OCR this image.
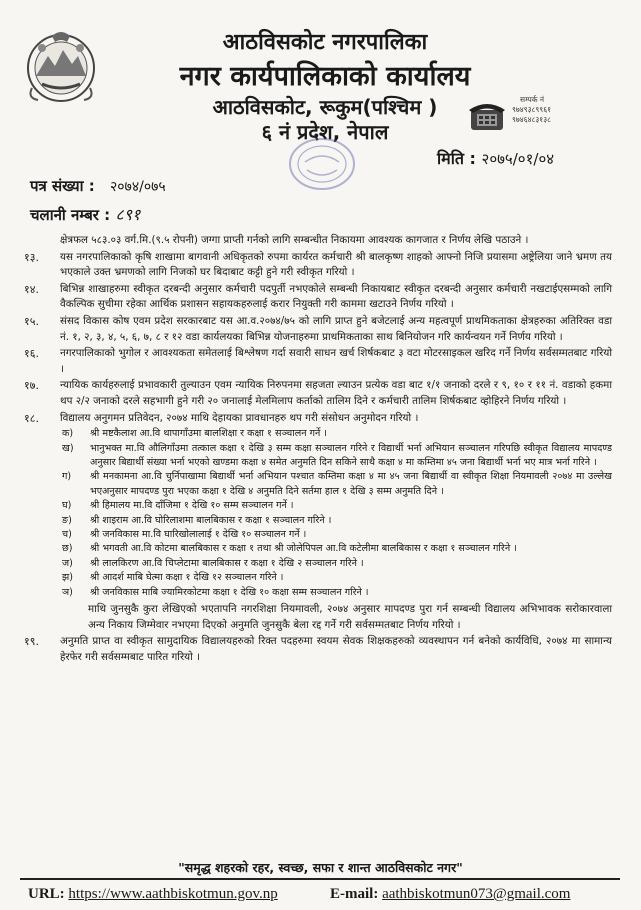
आठविसकोट नगरपालिका
नगर कार्यपालिकाको कार्यालय
आठविसकोट, रूकुम(पश्चिम )
६ नं प्रदेश, नेपाल
सम्पर्क नं
९७४९३८९९६१
९७४६४८३१३८
मिति : २०७५/०१/०४
पत्र संख्या : २०७४/०७५
चलानी नम्बर : ८९१

क्षेत्रफल ५८३.०३ वर्ग.मि.(९.५ रोपनी) जग्गा प्राप्ती गर्नको लागि सम्बन्धीत निकायमा आवश्यक कागजात र निर्णय लेखि पठाउने ।

१३. यस नगरपालिकाको कृषि शाखामा बागवानी अधिकृतको रुपमा कार्यरत कर्मचारी श्री बालकृष्ण शाहको आफ्नो निजि प्रयासमा अष्ट्रेलिया जाने भ्रमण तय भएकाले उक्त भ्रमणको लागि निजको घर बिदाबाट कट्टी हुने गरी स्वीकृत गरियो ।
१४. बिभिन्न शाखाहरुमा स्वीकृत दरबन्दी अनुसार कर्मचारी पदपुर्ती नभएकोले सम्बन्धी निकायबाट स्वीकृत दरबन्दी अनुसार कर्मचारी नखटाईएसम्मको लागि वैकल्पिक सुचीमा रहेका आर्थिक प्रशासन सहायकहरुलाई करार नियुक्ती गरी काममा खटाउने निर्णय गरियो ।
१५. संसद विकास कोष एवम प्रदेश सरकारबाट यस आ.व.२०७४/७५ को लागि प्राप्त हुने बजेटलाई अन्य महत्वपूर्ण प्राथमिकताका क्षेत्रहरुका अतिरिक्त वडा नं. १, २, ३, ४, ५, ६, ७, ८ र १२ वडा कार्यलयका बिभिन्न योजनाहरुमा प्राथमिकताका साथ बिनियोजन गरि कार्यन्वयन गर्ने निर्णय गरियो ।
१६. नगरपालिकाको भुगोल र आवश्यकता समेतलाई बिश्लेषण गर्दा सवारी साधन खर्च शिर्षकबाट ३ वटा मोटरसाइकल खरिद गर्ने निर्णय सर्वसम्मतबाट गरियो ।
१७. न्यायिक कार्यहरुलाई प्रभावकारी तुल्याउन एवम न्यायिक निरुपनमा सहजता ल्याउन प्रत्येक वडा बाट १/१ जनाको दरले र ९, १० र ११ नं. वडाको हकमा थप २/२ जनाको दरले सहभागी हुने गरी २० जनालाई मेलमिलाप कर्ताको तालिम दिने र कर्मचारी तालिम शिर्षकबाट व्होहिरने निर्णय गरियो ।
१८. विद्यालय अनुगमन प्रतिवेदन, २०७४ माथि देहायका प्रावधानहरु थप गरी संसोधन अनुमोदन गरियो ।
क) श्री मष्टकैलाश आ.वि थापागाँउमा बालशिक्षा र कक्षा १ सञ्चालन गर्ने ।
ख) भानुभक्त मा.वि औलिगाँउमा तत्काल कक्षा १ देखि ३ सम्म कक्षा सञ्चालन गरिने र विद्यार्थी भर्ना अभियान सञ्चालन गरिपछि स्वीकृत विद्यालय मापदण्ड अनुसार बिद्यार्थी संख्या भर्ना भएको खण्डमा कक्षा ४ समेत अनुमति दिन सकिने साथै कक्षा ४ मा कम्तिमा ४५ जना बिद्यार्थी भर्ना भए मात्र भर्ना गरिने ।
ग) श्री मनकामना आ.वि चुर्निपाखामा बिद्यार्थी भर्ना अभियान पश्चात कम्तिमा कक्षा ४ मा ४५ जना बिद्यार्थी वा स्वीकृत शिक्षा नियमावली २०७४ मा उल्लेख भएअनुसार मापदण्ड पुरा भएका कक्षा १ देखि ४ अनुमति दिने सर्तमा हाल १ देखि ३ सम्म अनुमति दिने ।
घ) श्री हिमालय मा.वि दाँजिमा १ देखि १० सम्म सञ्चालन गर्ने ।
ङ) श्री शाइराम आ.वि घोरिलाशमा बालबिकास र कक्षा १ सञ्चालन गरिने ।
च) श्री जनविकास मा.वि घारिखोलालाई १ देखि १० सञ्चालन गर्ने ।
छ) श्री भगवती आ.वि कोटमा बालबिकास र कक्षा १ तथा श्री जोलेपिपल आ.वि कटेलीमा बालबिकास र कक्षा १ सञ्चालन गरिने ।
ज) श्री लालकिरण आ.वि चिप्लेटामा बालबिकास र कक्षा १ देखि २ सञ्चालन गरिने ।
झ) श्री आदर्श माबि घेत्मा कक्षा १ देखि १२ सञ्चालन गरिने ।
ञ) श्री जनविकास माबि ज्यामिरकोटमा कक्षा १ देखि १० कक्षा सम्म सञ्चालन गरिने ।

माथि जुनसुकै कुरा लेखिएको भएतापनि नगरशिक्षा नियमावली, २०७४ अनुसार मापदण्ड पुरा गर्न सम्बन्धी विद्यालय अभिभावक सरोकारवाला अन्य निकाय जिम्मेवार नभएमा दिएको अनुमति जुनसुकै बेला रद्द गर्ने गरी सर्वसम्मतबाट निर्णय गरियो ।

१९. अनुमति प्राप्त वा स्वीकृत सामुदायिक विद्यालयहरुको रिक्त पदहरुमा स्वयम सेवक शिक्षकहरुको व्यवस्थापन गर्न बनेको कार्यविधि, २०७४ मा सामान्य हेरफेर गरी सर्वसम्मबाट पारित गरियो ।
"समृद्ध शहरको रहर, स्वच्छ, सफा र शान्त आठविसकोट नगर"
URL: https://www.aathbiskotmun.gov.np	E-mail: aathbiskotmun073@gmail.com
